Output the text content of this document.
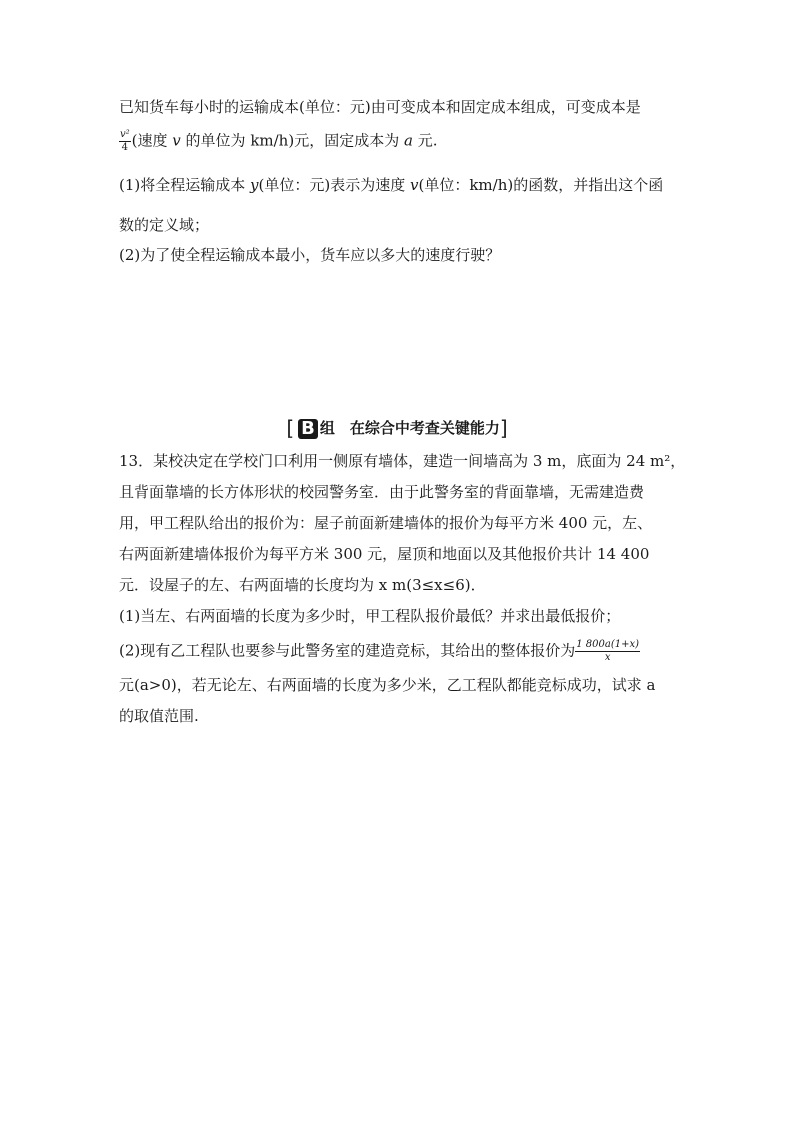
已知货车每小时的运输成本(单位：元)由可变成本和固定成本组成，可变成本是
$\frac{\text{v²}}{4}$ (速度 v 的单位为 km/h)元，固定成本为 a 元.
(1)将全程运输成本 y(单位：元)表示为速度 v(单位：km/h)的函数，并指出这个函
数的定义域；
(2)为了使全程运输成本最小，货车应以多大的速度行驶？
[ B 组　在综合中考查关键能力]
13．某校决定在学校门口利用一侧原有墙体，建造一间墙高为 3 m，底面为 24 m²，
且背面靠墙的长方体形状的校园警务室．由于此警务室的背面靠墙，无需建造费
用，甲工程队给出的报价为：屋子前面新建墙体的报价为每平方米 400 元，左、
右两面新建墙体报价为每平方米 300 元，屋顶和地面以及其他报价共计 14 400
元．设屋子的左、右两面墙的长度均为 x m(3≤x≤6)．
(1)当左、右两面墙的长度为多少时，甲工程队报价最低？并求出最低报价；
(2)现有乙工程队也要参与此警务室的建造竞标，其给出的整体报价为 $\frac{1 800a(1+x)}{x}$
元(a>0)，若无论左、右两面墙的长度为多少米，乙工程队都能竞标成功，试求 a
的取值范围.
